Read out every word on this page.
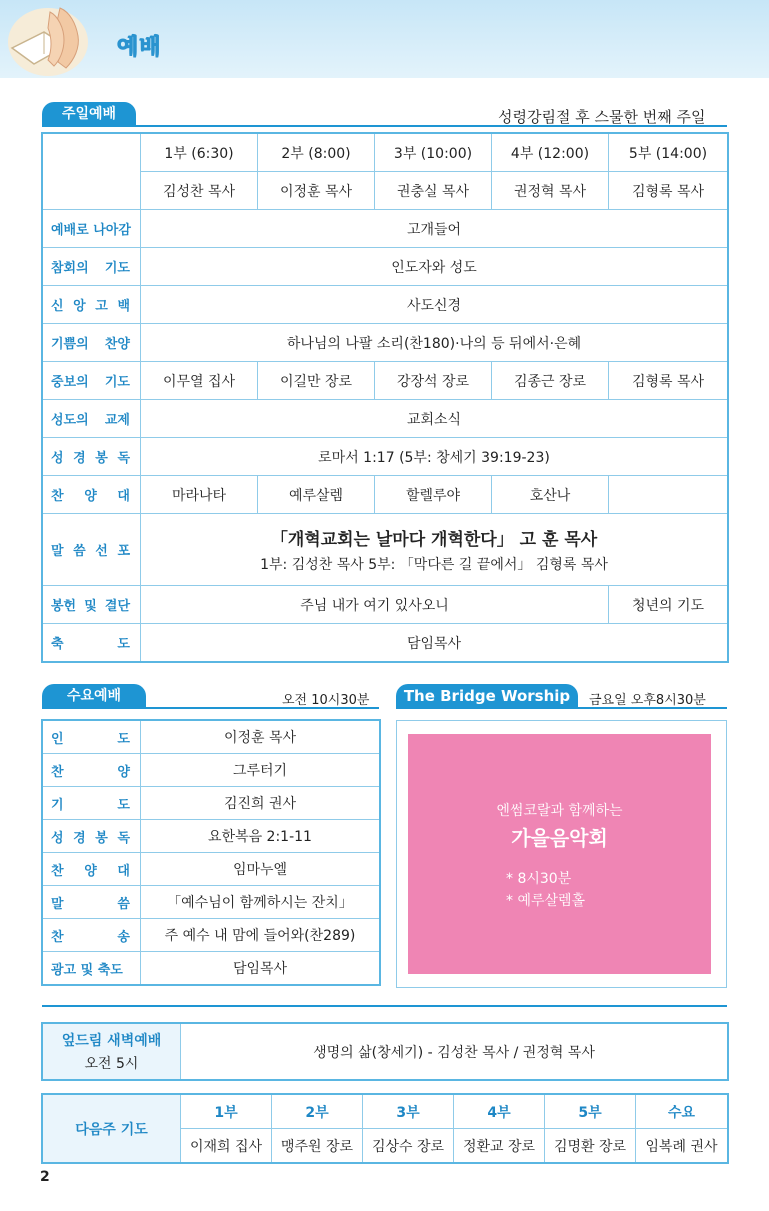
예배
주일예배	성령강림절 후 스물한 번째 주일
	1부 (6:30)	2부 (8:00)	3부 (10:00)	4부 (12:00)	5부 (14:00)
	김성찬 목사	이정훈 목사	권충실 목사	권정혁 목사	김형록 목사
예배로 나아감	고개들어				
참회의 기도	인도자와 성도				
신 앙 고 백	사도신경				
기쁨의 찬양	하나님의 나팔 소리(찬180)·나의 등 뒤에서·은혜				
중보의 기도	이무열 집사	이길만 장로	강장석 장로	김종근 장로	김형록 목사
성도의 교제	교회소식				
성 경 봉 독	로마서 1:17 (5부: 창세기 39:19-23)				
찬 양 대	마라나타	예루살렘	할렐루야	호산나	
말 씀 선 포	「개혁교회는 날마다 개혁한다」 고 훈 목사
1부: 김성찬 목사 5부: 「막다른 길 끝에서」 김형록 목사				

봉헌 및 결단	주님 내가 여기 있사오니				청년의 기도
축 도	담임목사				
수요예배	오전 10시30분
인 도	이정훈 목사
찬 양	그루터기
기 도	김진희 권사
성 경 봉 독	요한복음 2:1-11
찬 양 대	임마누엘
말 씀	「예수님이 함께하시는 잔치」
찬 송	주 예수 내 맘에 들어와(찬289)
광고 및 축도	담임목사
The Bridge Worship	금요일 오후8시30분
엔썸코랄과 함께하는
가을음악회
* 8시30분
* 예루살렘홀
엎드림 새벽예배
오전 5시
	생명의 삶(창세기) - 김성찬 목사 / 권정혁 목사
다음주 기도	1부	2부	3부	4부	5부	수요
	이재희 집사	맹주원 장로	김상수 장로	정환교 장로	김명환 장로	임복례 권사
2
